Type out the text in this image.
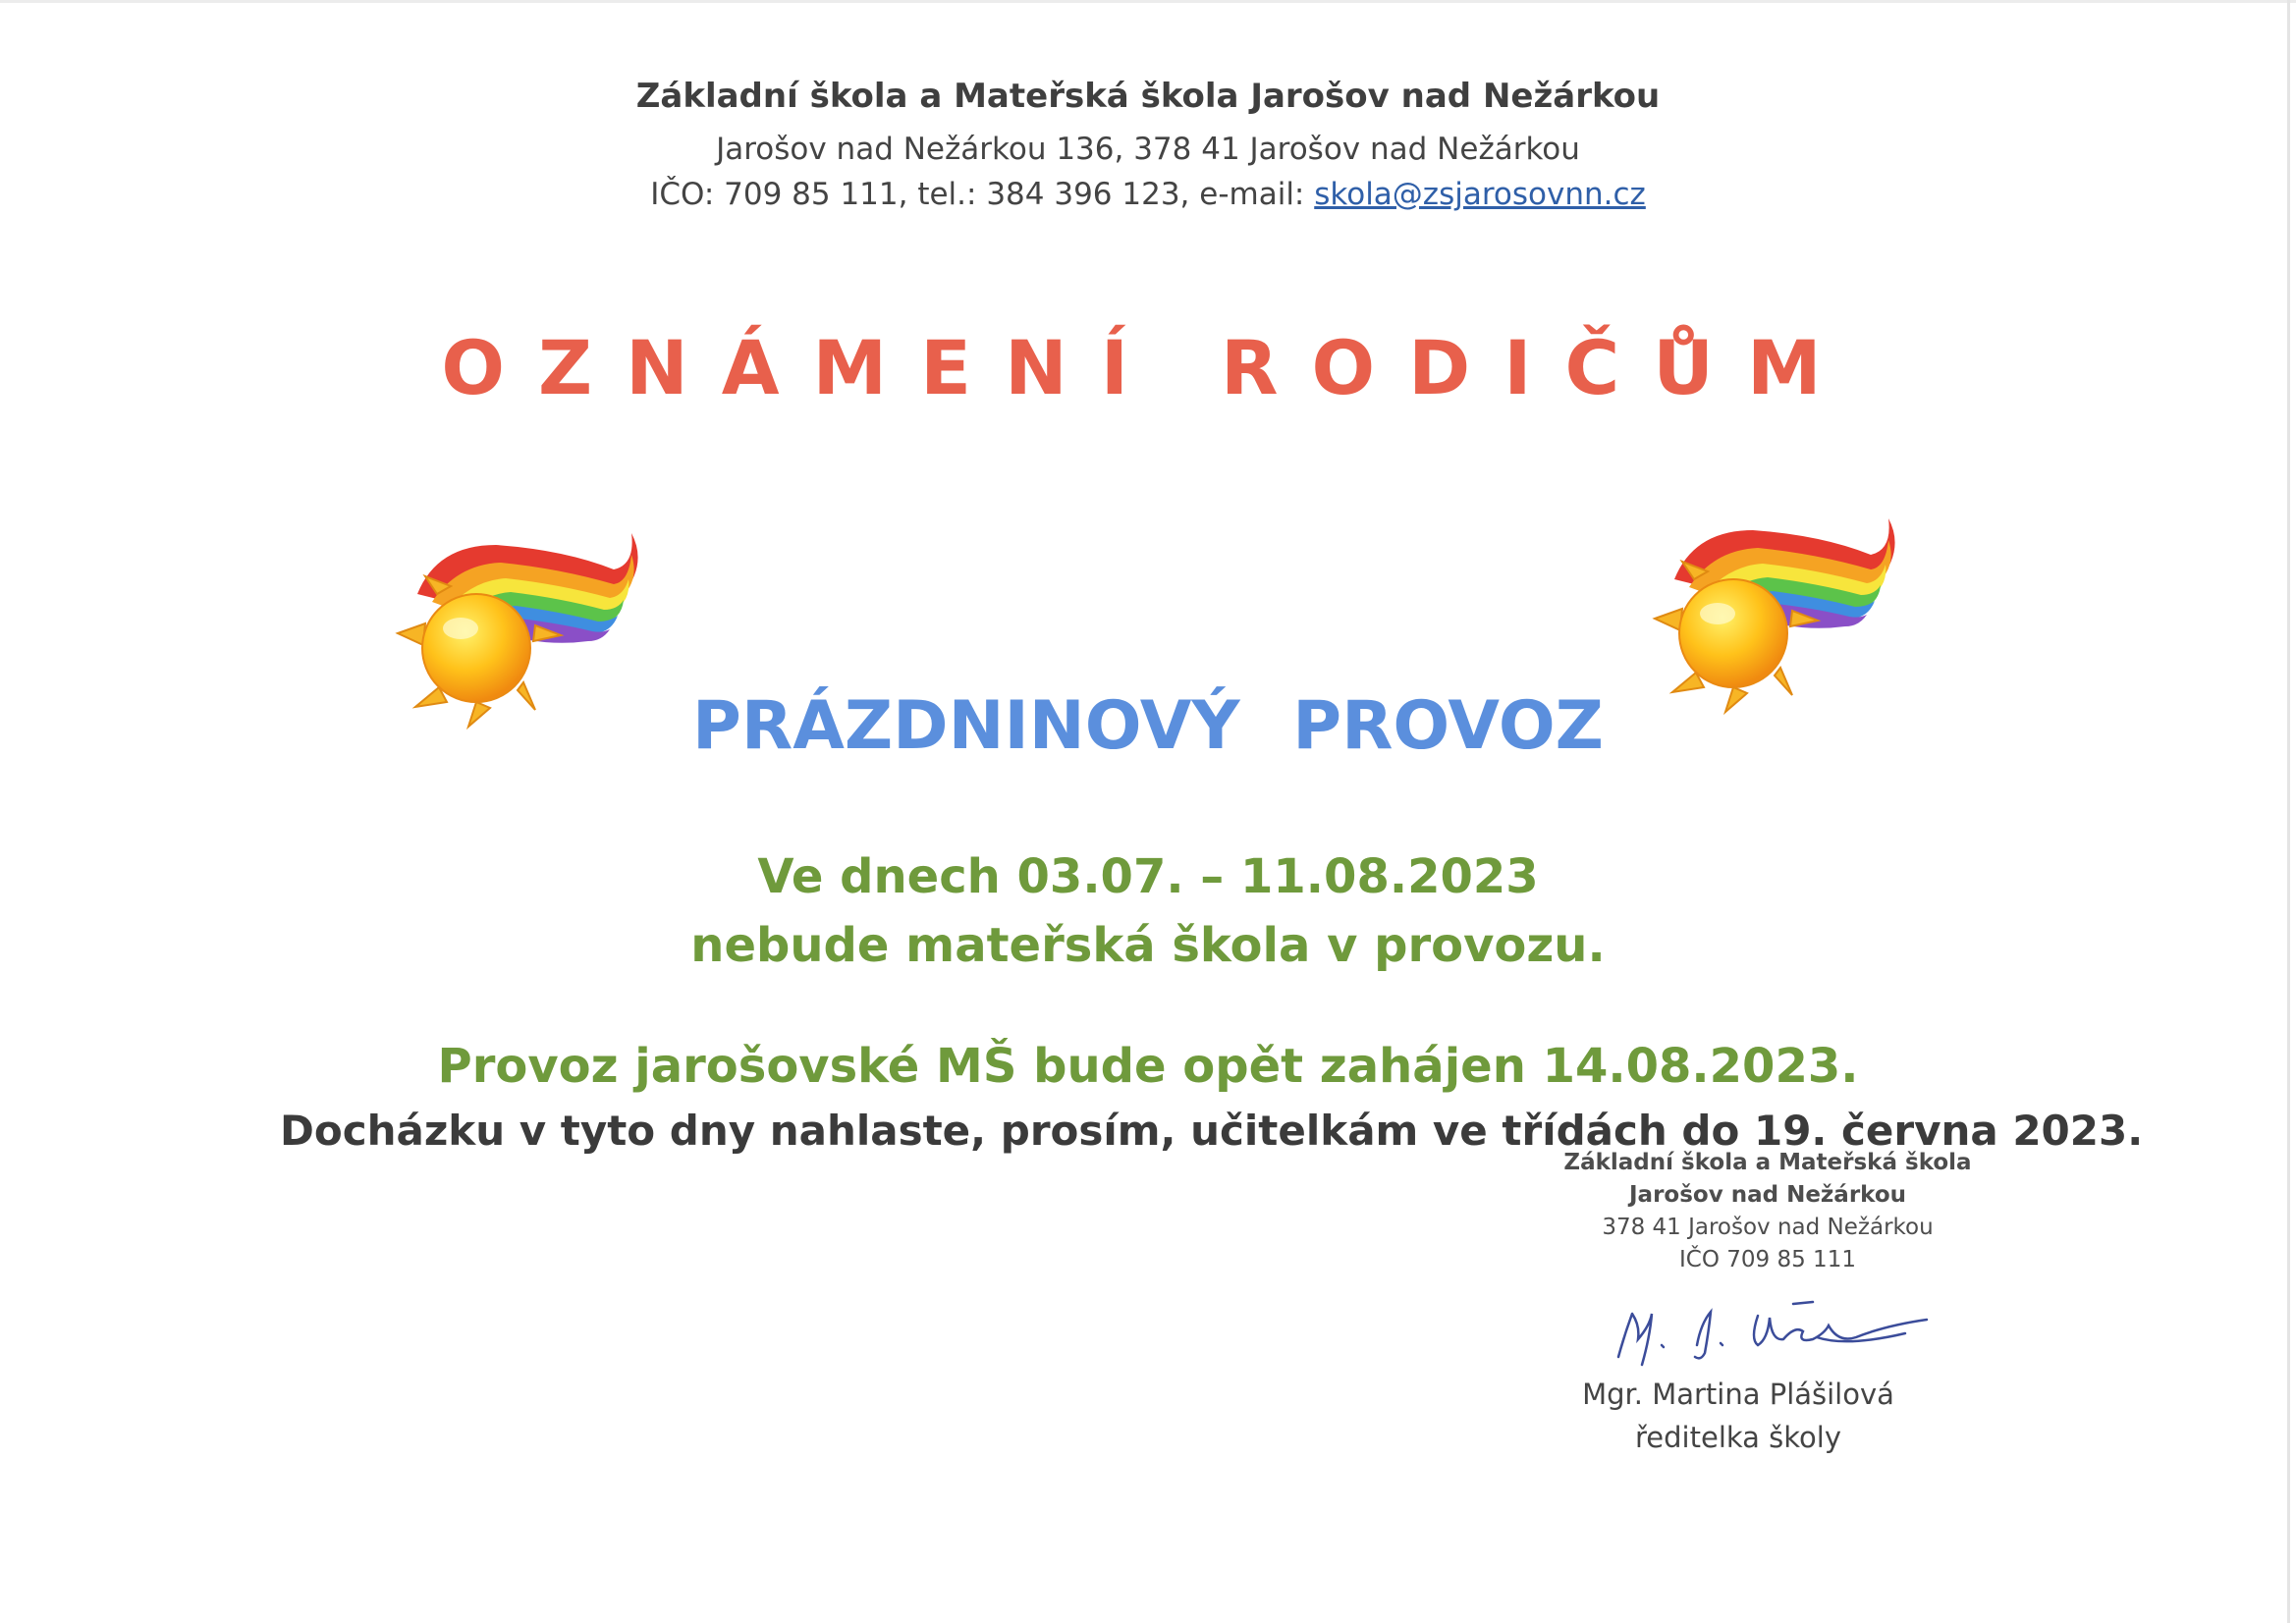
Základní škola a Mateřská škola Jarošov nad Nežárkou
Jarošov nad Nežárkou 136, 378 41 Jarošov nad Nežárkou
IČO: 709 85 111, tel.: 384 396 123, e-mail: skola@zsjarosovnn.cz
OZNÁMENÍ RODIČŮM
PRÁZDNINOVÝ PROVOZ
Ve dnech 03.07. – 11.08.2023
nebude mateřská škola v provozu.
Provoz jarošovské MŠ bude opět zahájen 14.08.2023.
Docházku v tyto dny nahlaste, prosím, učitelkám ve třídách do 19. června 2023.
Základní škola a Mateřská škola
Jarošov nad Nežárkou
378 41 Jarošov nad Nežárkou
IČO 709 85 111
Mgr. Martina Plášilová
ředitelka školy
